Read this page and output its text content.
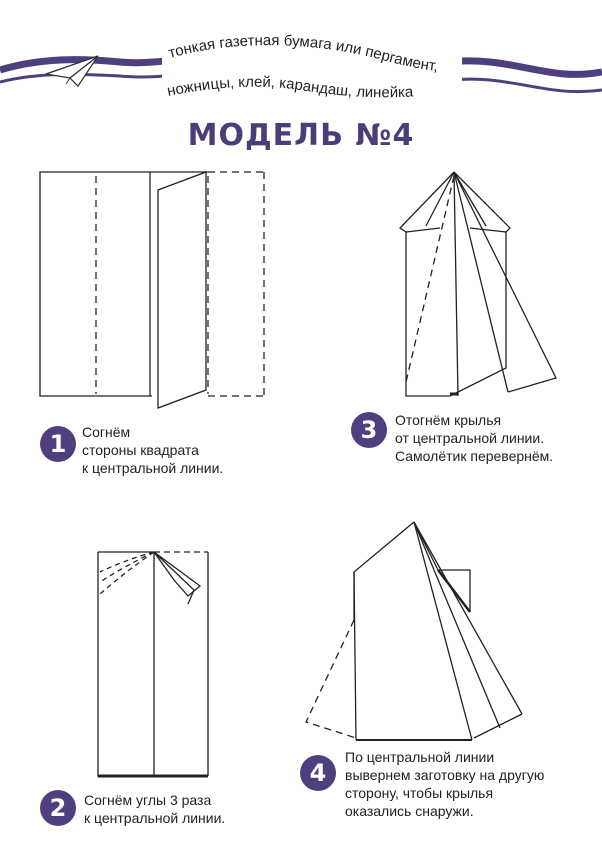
тонкая газетная бумага или пергамент,
ножницы, клей, карандаш, линейка
МОДЕЛЬ №4
1	Согнём
стороны квадрата
к центральной линии.
3	Отогнём крылья
от центральной линии.
Самолётик перевернём.
2	Согнём углы 3 раза
к центральной линии.
4
По центральной линии
вывернем заготовку на другую
сторону, чтобы крылья
оказались снаружи.
